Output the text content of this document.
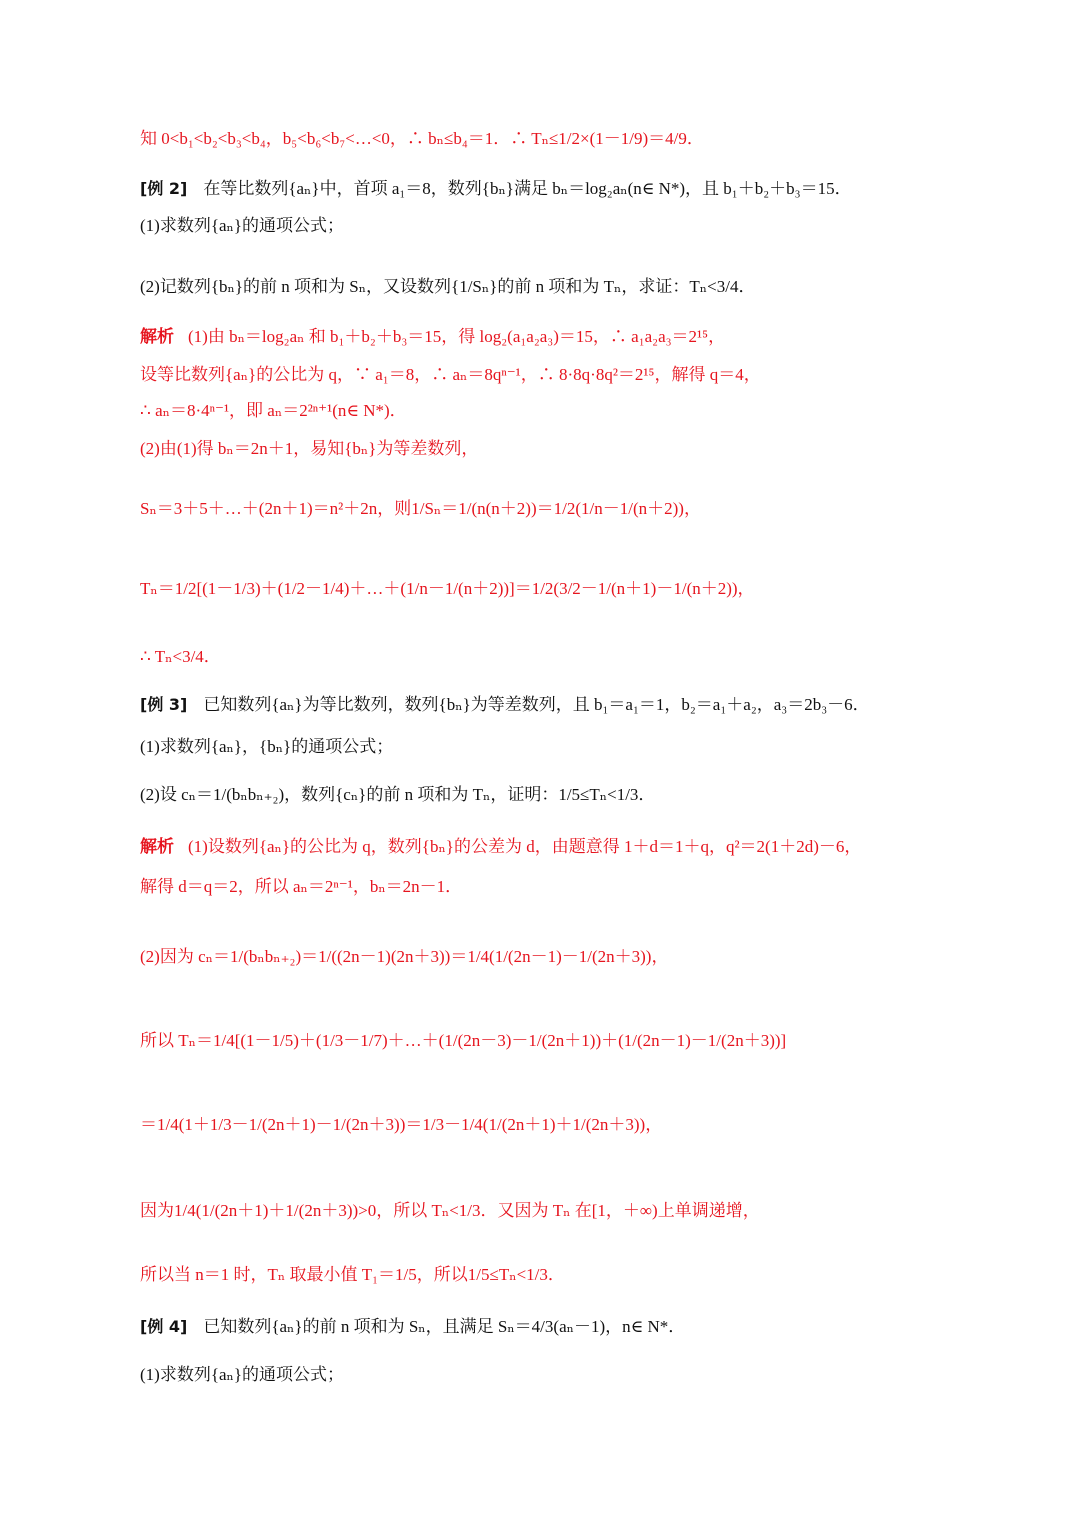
知 0<b₁<b₂<b₃<b₄，b₅<b₆<b₇<…<0，∴ bₙ≤b₄＝1．∴ Tₙ≤1/2×(1－1/9)＝4/9．
[例 2] 在等比数列{aₙ}中，首项 a₁＝8，数列{bₙ}满足 bₙ＝log₂aₙ(n∈ N*)，且 b₁＋b₂＋b₃＝15．
(1)求数列{aₙ}的通项公式；
(2)记数列{bₙ}的前 n 项和为 Sₙ，又设数列{1/Sₙ}的前 n 项和为 Tₙ，求证：Tₙ<3/4．
解析 (1)由 bₙ＝log₂aₙ 和 b₁＋b₂＋b₃＝15，得 log₂(a₁a₂a₃)＝15，∴ a₁a₂a₃＝2¹⁵，
设等比数列{aₙ}的公比为 q，∵ a₁＝8，∴ aₙ＝8qⁿ⁻¹，∴ 8·8q·8q²＝2¹⁵，解得 q＝4，
∴ aₙ＝8·4ⁿ⁻¹，即 aₙ＝2²ⁿ⁺¹(n∈ N*)．
(2)由(1)得 bₙ＝2n＋1，易知{bₙ}为等差数列，
Sₙ＝3＋5＋…＋(2n＋1)＝n²＋2n，则1/Sₙ＝1/(n(n＋2))＝1/2(1/n－1/(n＋2))，
Tₙ＝1/2[(1－1/3)＋(1/2－1/4)＋…＋(1/n－1/(n＋2))]＝1/2(3/2－1/(n＋1)－1/(n＋2))，
∴ Tₙ<3/4．
[例 3] 已知数列{aₙ}为等比数列，数列{bₙ}为等差数列，且 b₁＝a₁＝1，b₂＝a₁＋a₂，a₃＝2b₃－6．
(1)求数列{aₙ}，{bₙ}的通项公式；
(2)设 cₙ＝1/(bₙbₙ₊₂)，数列{cₙ}的前 n 项和为 Tₙ，证明：1/5≤Tₙ<1/3．
解析 (1)设数列{aₙ}的公比为 q，数列{bₙ}的公差为 d，由题意得 1＋d＝1＋q，q²＝2(1＋2d)－6，
解得 d＝q＝2，所以 aₙ＝2ⁿ⁻¹，bₙ＝2n－1．
(2)因为 cₙ＝1/(bₙbₙ₊₂)＝1/((2n－1)(2n＋3))＝1/4(1/(2n－1)－1/(2n＋3))，
所以 Tₙ＝1/4[(1－1/5)＋(1/3－1/7)＋…＋(1/(2n－3)－1/(2n＋1))＋(1/(2n－1)－1/(2n＋3))]
＝1/4(1＋1/3－1/(2n＋1)－1/(2n＋3))＝1/3－1/4(1/(2n＋1)＋1/(2n＋3))，
因为1/4(1/(2n＋1)＋1/(2n＋3))>0，所以 Tₙ<1/3．又因为 Tₙ 在[1，＋∞)上单调递增，
所以当 n＝1 时，Tₙ 取最小值 T₁＝1/5，所以1/5≤Tₙ<1/3．
[例 4] 已知数列{aₙ}的前 n 项和为 Sₙ，且满足 Sₙ＝4/3(aₙ－1)，n∈ N*．
(1)求数列{aₙ}的通项公式；
